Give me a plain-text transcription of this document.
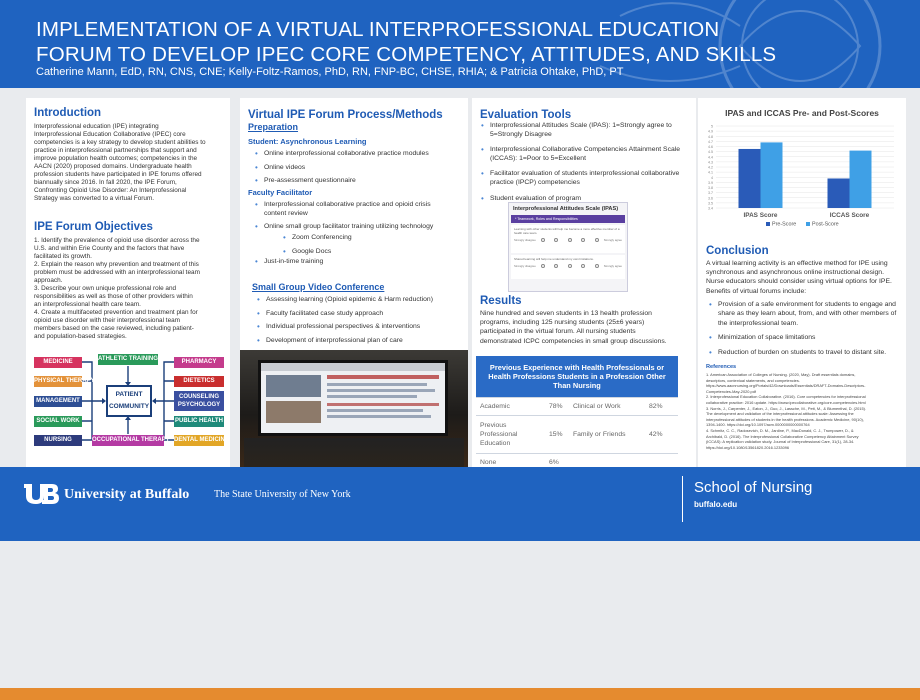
IMPLEMENTATION OF A VIRTUAL INTERPROFESSIONAL EDUCATION
FORUM TO DEVELOP IPEC CORE COMPETENCY, ATTITUDES, AND SKILLS
Catherine Mann, EdD, RN, CNS, CNE; Kelly-Foltz-Ramos, PhD, RN, FNP-BC, CHSE, RHIA; & Patricia Ohtake, PhD, PT
Introduction
Interprofessional education (IPE) integrating
Interprofessional Education Collaborative (IPEC) core
competencies is a key strategy to develop student abilities to
practice in interprofessional partnerships that support and
improve population health outcomes; competencies in the
AACN (2020) proposed domains. Undergraduate health
profession students have participated in IPE forums offered
biannually since 2016. In fall 2020, the IPE Forum,
Confronting Opioid Use Disorder: An Interprofessional
Strategy was converted to a virtual Forum.
IPE Forum Objectives
1. Identify the prevalence of opioid use disorder across the
U.S. and within Erie County and the factors that have
facilitated its growth.
2. Explain the reason why prevention and treatment of this
problem must be addressed with an interprofessional team
approach.
3. Describe your own unique professional role and
responsibilities as well as those of other providers within
an interprofessional health care team.
4. Create a multifaceted prevention and treatment plan for
opioid use disorder with their interprofessional team
members based on the case reviewed, including patient-
and population-based strategies.
MEDICINE
PHYSICAL THERAPY
MANAGEMENT
SOCIAL WORK
NURSING
PHARMACY
DIETETICS
COUNSELING PSYCHOLOGY
PUBLIC HEALTH
DENTAL MEDICINE
ATHLETIC TRAINING
OCCUPATIONAL THERAPY
PATIENT
COMMUNITY
Virtual IPE Forum Process/Methods
Preparation
Student: Asynchronous Learning
• Online interprofessional collaborative practice modules
• Online videos
• Pre-assessment questionnaire
Faculty Facilitator
• Interprofessional collaborative practice and opioid crisis content review
• Online small group facilitator training utilizing technology
• Zoom Conferencing
• Google Docs
• Just-in-time training
Small Group Video Conference
• Assessing learning (Opioid epidemic & Harm reduction)
• Faculty facilitated case study approach
• Individual professional perspectives & interventions
• Development of interprofessional plan of care
Evaluation Tools
• Interprofessional Attitudes Scale (IPAS): 1=Strongly agree to 5=Strongly Disagree
• Interprofessional Collaborative Competencies Attainment Scale (ICCAS): 1=Poor to 5=Excellent
• Facilitator evaluation of students interprofessional collaborative practice (IPCP) competencies
• Student evaluation of program
Interprofessional Attitudes Scale (IPAS)
* Teamwork, Roles and Responsibilities
Learning with other students will help me become a more effective member of a health care team.
Strongly disagree	Strongly agree
Shared learning will help me understand my own limitations.
Strongly disagree	Strongly agree
Results
Nine hundred and seven students in 13 health profession
programs, including 125 nursing students (25±6 years)
participated in the virtual forum. All nursing students
demonstrated ICPC competencies in small group discussions.
Previous Experience with Health Professionals or Health Professions Students in a Profession Other Than Nursing			
Academic	78%	Clinical or Work	82%
Previous Professional Education	15%	Family or Friends	42%
None	6%		
IPAS and ICCAS Pre- and Post-Scores
5
4.9
4.8
4.7
4.6
4.5
4.4
4.3
4.2
4.1
4
3.9
3.8
3.7
3.6
3.5
3.4
IPAS Score	ICCAS Score
Pre-Score	Post-Score
Conclusion
A virtual learning activity is an effective method for IPE using
synchronous and asynchronous online instructional design.
Nurse educators should consider using virtual options for IPE.
Benefits of virtual forums include:
• Provision of a safe environment for students to engage and share as they learn about, from, and with other members of the interprofessional team.
• Minimization of space limitations
• Reduction of burden on students to travel to distant site.
References
1. American Association of Colleges of Nursing. (2020, May). Draft essentials domains,
descriptors, contextual statements, and competencies.
https://www.aacnnursing.org/Portals/42/Downloads/Essentials/DRAFT-Domains-Descriptors-
Competencies-May-2020.pdf
2. Interprofessional Education Collaborative. (2016). Core competencies for interprofessional
collaborative practice: 2016 update. https://www.ipecollaborative.org/core-competencies.html
3. Norris, J., Carpenter, J., Eaton, J., Guo, J., Lassche, M., Pett, M., & Blumenthal, D. (2015).
The development and validation of the interprofessional attitudes scale: Assessing the
interprofessional attitudes of students in the health professions. Academic Medicine, 90(10),
1394-1400. https://doi.org/10.1097/acm.0000000000000764
4. Schmitz, C. C., Radosevich, D. M., Jardine, P., MacDonald, C. J., Trumpower, D., &
Archibald, D. (2016). The Interprofessional Collaborative Competency Attainment Survey
(ICCAS): A replication validation study. Journal of Interprofessional Care, 31(1), 28-34.
https://doi.org/10.1080/13561820.2016.1233096
University at Buffalo The State University of New York	School of Nursing
buffalo.edu
